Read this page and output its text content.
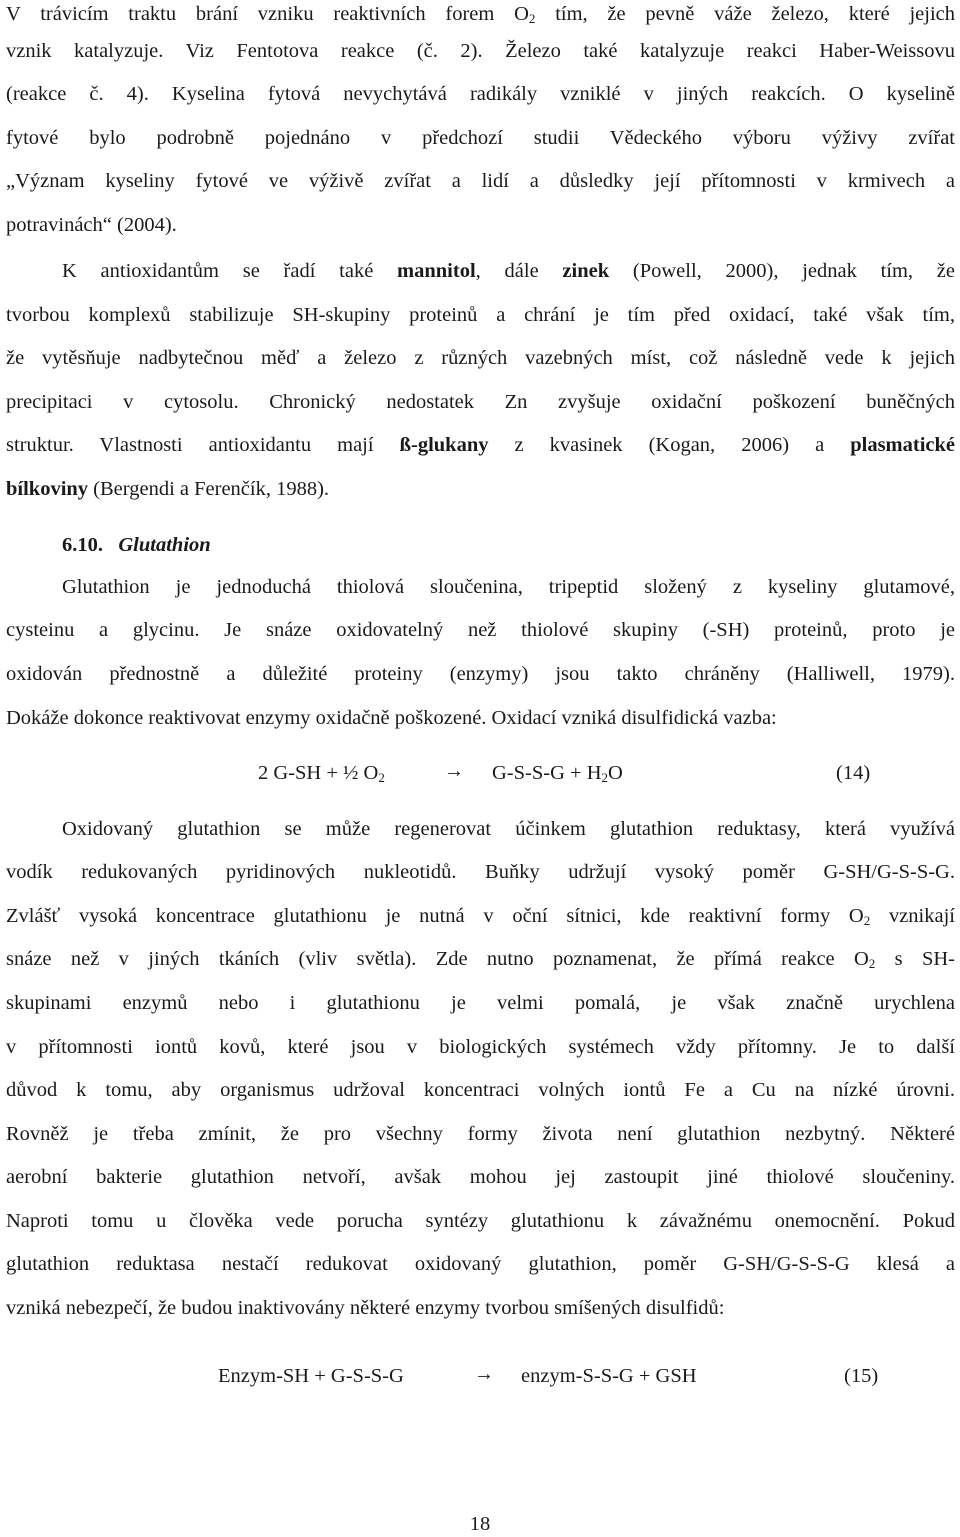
V trávicím traktu brání vzniku reaktivních forem $O_2$ tím, že pevně váže železo, které jejich
vznik katalyzuje. Viz Fentotova reakce (č. 2). Železo také katalyzuje reakci Haber-Weissovu
(reakce č. 4). Kyselina fytová nevychytává radikály vzniklé v jiných reakcích. O kyselině
fytové bylo podrobně pojednáno v předchozí studii Vědeckého výboru výživy zvířat
„Význam kyseliny fytové ve výživě zvířat a lidí a důsledky její přítomnosti v krmivech a
potravinách“ (2004).
K antioxidantům se řadí také mannitol, dále zinek (Powell, 2000), jednak tím, že
tvorbou komplexů stabilizuje SH-skupiny proteinů a chrání je tím před oxidací, také však tím,
že vytěsňuje nadbytečnou měď a železo z různých vazebných míst, což následně vede k jejich
precipitaci v cytosolu. Chronický nedostatek Zn zvyšuje oxidační poškození buněčných
struktur. Vlastnosti antioxidantu mají ß-glukany z kvasinek (Kogan, 2006) a plasmatické
bílkoviny (Bergendi a Ferenčík, 1988).
6.10. Glutathion
Glutathion je jednoduchá thiolová sloučenina, tripeptid složený z kyseliny glutamové,
cysteinu a glycinu. Je snáze oxidovatelný než thiolové skupiny (-SH) proteinů, proto je
oxidován přednostně a důležité proteiny (enzymy) jsou takto chráněny (Halliwell, 1979).
Dokáže dokonce reaktivovat enzymy oxidačně poškozené. Oxidací vzniká disulfidická vazba:
2 G-SH + ½ $O_2$	→ $G-S-S-G + H_2O$	(14)
Oxidovaný glutathion se může regenerovat účinkem glutathion reduktasy, která využívá
vodík redukovaných pyridinových nukleotidů. Buňky udržují vysoký poměr G-SH/G-S-S-G.
Zvlášť vysoká koncentrace glutathionu je nutná v oční sítnici, kde reaktivní formy $O_2$ vznikají
snáze než v jiných tkáních (vliv světla). Zde nutno poznamenat, že přímá reakce $O_2$ s SH-
skupinami enzymů nebo i glutathionu je velmi pomalá, je však značně urychlena
v přítomnosti iontů kovů, které jsou v biologických systémech vždy přítomny. Je to další
důvod k tomu, aby organismus udržoval koncentraci volných iontů Fe a Cu na nízké úrovni.
Rovněž je třeba zmínit, že pro všechny formy života není glutathion nezbytný. Některé
aerobní bakterie glutathion netvoří, avšak mohou jej zastoupit jiné thiolové sloučeniny.
Naproti tomu u člověka vede porucha syntézy glutathionu k závažnému onemocnění. Pokud
glutathion reduktasa nestačí redukovat oxidovaný glutathion, poměr G-SH/G-S-S-G klesá a
vzniká nebezpečí, že budou inaktivovány některé enzymy tvorbou smíšených disulfidů:
Enzym-SH + G-S-S-G	→ enzym-S-S-G + GSH	(15)
18
